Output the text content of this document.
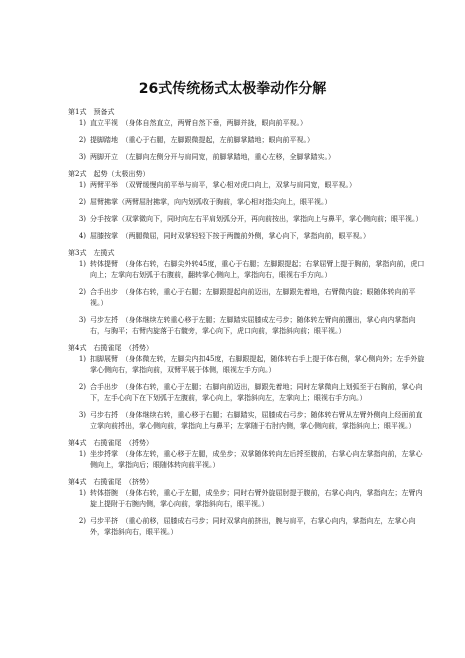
26式传统杨式太极拳动作分解
第1式　预备式
1) 直立平视　（身体自然直立，两臂自然下垂，两脚并拢，眼向前平视。）
2) 提脚踏地　（重心于右腿，左脚跟微提起，左前脚掌踏地；眼向前平视。）
3) 两脚开立　（左脚向左侧分开与肩同宽，前脚掌踏地，重心左移，全脚掌踏实。）
第2式　起势（太极出势）
1) 两臂平举　（双臂缓慢向前平举与肩平，掌心相对虎口向上，双掌与肩同宽，眼平视。）
2) 屈臂拂掌（两臂屈肘拂掌，向内划弧收于胸前，掌心相对指尖向上，眼平视。）
3) 分手按掌（双掌微向下，同时向左右平肩划弧分开，再向前按出，掌指向上与鼻平，掌心侧向前；眼平视。）
4) 屈膝按掌　（两腿微屈，同时双掌轻轻下按于两髋前外侧，掌心向下，掌指向前，眼平视。）
第3式　左揽式
1) 转体提臂　（身体右转，右脚尖外转45度，重心于右腿；左脚跟提起；右掌屈臂上提于胸前，掌指向前，虎口向上；左掌向右划弧于右腹前，翻转掌心侧向上，掌指向右，眼视右手方向。）
2) 合手出步　（身体右转，重心于右腿；左脚跟提起向前迈出，左脚跟先着地，右臂微内旋；眼随体转向前平视。）
3) 弓步左捋　（身体继续左转重心移于左腿；左脚踏实屈膝成左弓步；随体转左臂向前掤出，掌心向内掌指向右，与胸平；右臂内旋落于右髋旁，掌心向下，虎口向前，掌指斜向前；眼平视。）
第4式　右揽雀尾　（捋势）
1) 扣脚展臂　（身体微左转，左脚尖内扣45度，右脚跟提起，随体转右手上提于体右侧，掌心侧向外；左手外旋掌心侧向右，掌指向前，双臂平展于体侧，眼视左手方向。）
2) 合手出步　（身体右转，重心于左腿；右脚向前迈出，脚跟先着地；同时左掌微向上划弧至于右胸前，掌心向下，左手心向下在下划弧于左腹前，掌心向上，掌指斜向左，左掌向上；眼视右手方向。）
3) 弓步右捋　（身体继续右转，重心移于右腿；右脚踏实，屈膝成右弓步；随体转右臂从左臂外侧向上经面前直立掌向前捋出，掌心侧向前，掌指向上与鼻平；左掌随于右肘内侧，掌心侧向前，掌指斜向上；眼平视。）
第4式　右揽雀尾　（捋势）
1) 坐步捋掌　（身体左转，重心移于左腿，成坐步；双掌随体转向左后捋至腹前，右掌心向左掌指向前，左掌心侧向上，掌指向后；眼随体转向前平视。）
第4式　右揽雀尾　（挤势）
1) 转体搭腕　（身体右转，重心于左腿，成坐步；同时右臂外旋屈肘提于腹前，右掌心向内，掌指向左；左臂内旋上提附于右腕内侧，掌心向前，掌指斜向右，眼平视。）
2) 弓步平挤　（重心前移，屈膝成右弓步；同时双掌向前挤出，腕与肩平，右掌心向内，掌指向左，左掌心向外，掌指斜向右，眼平视。）
